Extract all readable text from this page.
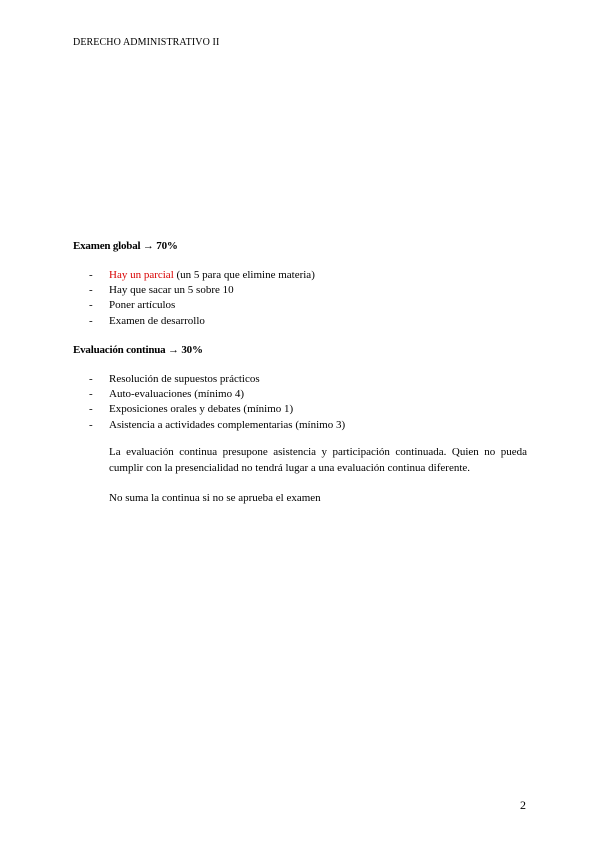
DERECHO ADMINISTRATIVO II
Examen global → 70%
- Hay un parcial (un 5 para que elimine materia)
- Hay que sacar un 5 sobre 10
- Poner artículos
- Examen de desarrollo
Evaluación continua → 30%
- Resolución de supuestos prácticos
- Auto-evaluaciones (mínimo 4)
- Exposiciones orales y debates (mínimo 1)
- Asistencia a actividades complementarias (mínimo 3)

La evaluación continua presupone asistencia y participación continuada. Quien no pueda cumplir con la presencialidad no tendrá lugar a una evaluación continua diferente.

No suma la continua si no se aprueba el examen

2
